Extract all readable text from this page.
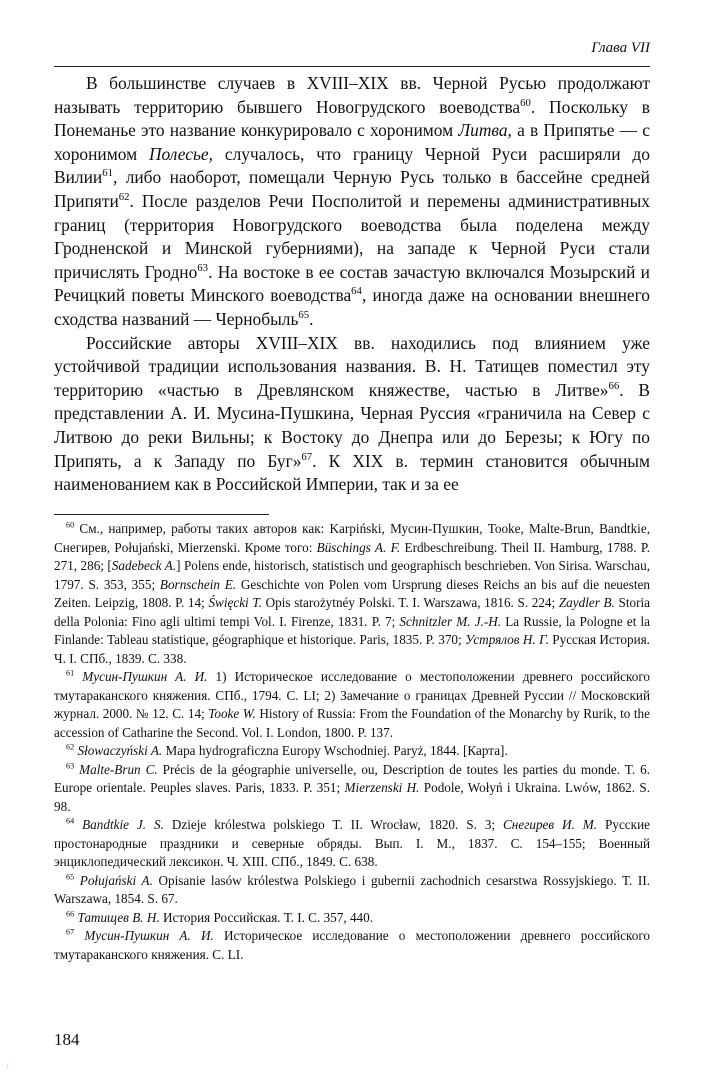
Глава VII

В большинстве случаев в XVIII–XIX вв. Черной Русью продолжают называть территорию бывшего Новогрудского воеводства$^{60}$. Поскольку в Понеманье это название конкурировало с хоронимом Литва, а в Припятье — с хоронимом Полесье, случалось, что границу Черной Руси расширяли до Вилии$^{61}$, либо наоборот, помещали Черную Русь только в бассейне средней Припяти$^{62}$. После разделов Речи Посполитой и перемены административных границ (территория Новогрудского воеводства была поделена между Гродненской и Минской губерниями), на западе к Черной Руси стали причислять Гродно$^{63}$. На востоке в ее состав зачастую включался Мозырский и Речицкий поветы Минского воеводства$^{64}$, иногда даже на основании внешнего сходства названий — Чернобыль$^{65}$.

Российские авторы XVIII–XIX вв. находились под влиянием уже устойчивой традиции использования названия. В. Н. Татищев поместил эту территорию «частью в Древлянском княжестве, частью в Литве»$^{66}$. В представлении А. И. Мусина-Пушкина, Черная Руссия «граничила на Север с Литвою до реки Вильны; к Востоку до Днепра или до Березы; к Югу по Припять, а к Западу по Буг»$^{67}$. К XIX в. термин становится обычным наименованием как в Российской Империи, так и за ее

$^{60}$ См., например, работы таких авторов как: Karpiński, Мусин-Пушкин, Tooke, Malte-Brun, Bandtkie, Снегирев, Połujański, Mierzenski. Кроме того: Büschings A. F. Erdbeschreibung. Theil II. Hamburg, 1788. P. 271, 286; [Sadebeck A.] Polens ende, historisch, statistisch und geographisch beschrieben. Von Sirisa. Warschau, 1797. S. 353, 355; Bornschein E. Geschichte von Polen vom Ursprung dieses Reichs an bis auf die neuesten Zeiten. Leipzig, 1808. P. 14; Święcki T. Opis starożytnéy Polski. T. I. Warszawa, 1816. S. 224; Zaydler B. Storia della Polonia: Fino agli ultimi tempi Vol. I. Firenze, 1831. P. 7; Schnitzler M. J.-H. La Russie, la Pologne et la Finlande: Tableau statistique, géographique et historique. Paris, 1835. P. 370; Устрялов Н. Г. Русская История. Ч. I. СПб., 1839. С. 338.

$^{61}$ Мусин-Пушкин А. И. 1) Историческое исследование о местоположении древнего российского тмутараканского княжения. СПб., 1794. С. LI; 2) Замечание о границах Древней Руссии // Московский журнал. 2000. № 12. С. 14; Tooke W. History of Russia: From the Foundation of the Monarchy by Rurik, to the accession of Catharine the Second. Vol. I. London, 1800. P. 137.

$^{62}$ Słowaczyński A. Mapa hydrograficzna Europy Wschodniej. Paryż, 1844. [Карта].

$^{63}$ Malte-Brun C. Précis de la géographie universelle, ou, Description de toutes les parties du monde. T. 6. Europe orientale. Peuples slaves. Paris, 1833. P. 351; Mierzenski H. Podole, Wołyń i Ukraina. Lwów, 1862. S. 98.

$^{64}$ Bandtkie J. S. Dzieje królestwa polskiego T. II. Wrocław, 1820. S. 3; Снегирев И. М. Русские простонародные праздники и северные обряды. Вып. I. М., 1837. С. 154–155; Военный энциклопедический лексикон. Ч. XIII. СПб., 1849. С. 638.

$^{65}$ Połujański A. Opisanie lasów królestwa Polskiego i gubernii zachodnich cesarstwa Rossyjskiego. T. II. Warszawa, 1854. S. 67.

$^{66}$ Татищев В. Н. История Российская. Т. I. С. 357, 440.

$^{67}$ Мусин-Пушкин А. И. Историческое исследование о местоположении древнего российского тмутараканского княжения. С. LI.

184
/
